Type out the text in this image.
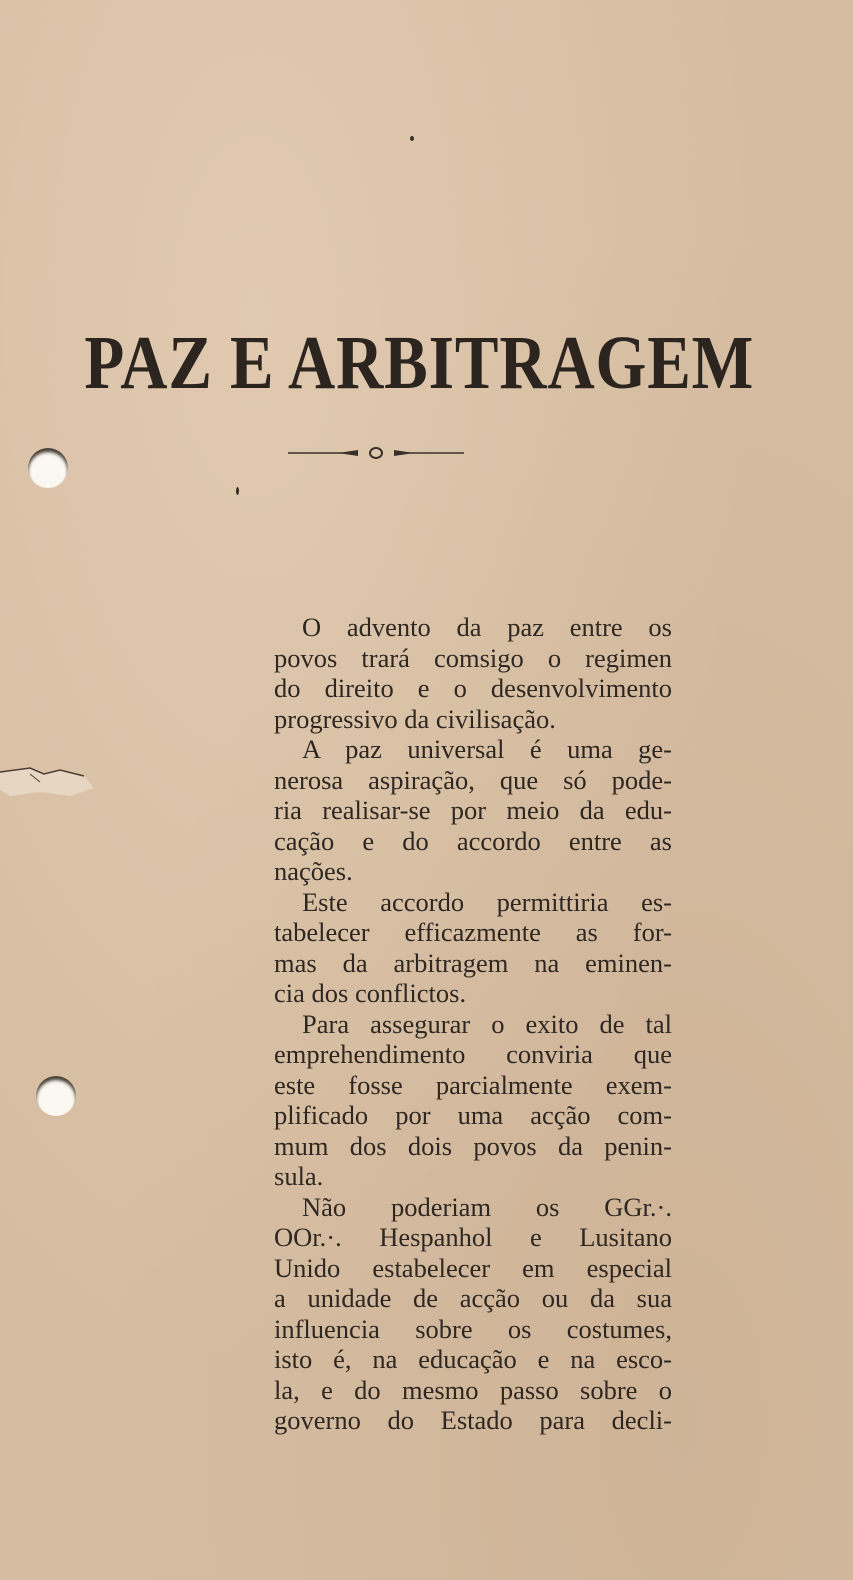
PAZ E ARBITRAGEM
O advento da paz entre os
povos trará comsigo o regimen
do direito e o desenvolvimento
progressivo da civilisação.
A paz universal é uma ge-
nerosa aspiração, que só pode-
ria realisar-se por meio da edu-
cação e do accordo entre as
nações.
Este accordo permittiria es-
tabelecer efficazmente as for-
mas da arbitragem na eminen-
cia dos conflictos.
Para assegurar o exito de tal
emprehendimento conviria que
este fosse parcialmente exem-
plificado por uma acção com-
mum dos dois povos da penin-
sula.
Não poderiam os GGr.·.
OOr.·. Hespanhol e Lusitano
Unido estabelecer em especial
a unidade de acção ou da sua
influencia sobre os costumes,
isto é, na educação e na esco-
la, e do mesmo passo sobre o
governo do Estado para decli-
